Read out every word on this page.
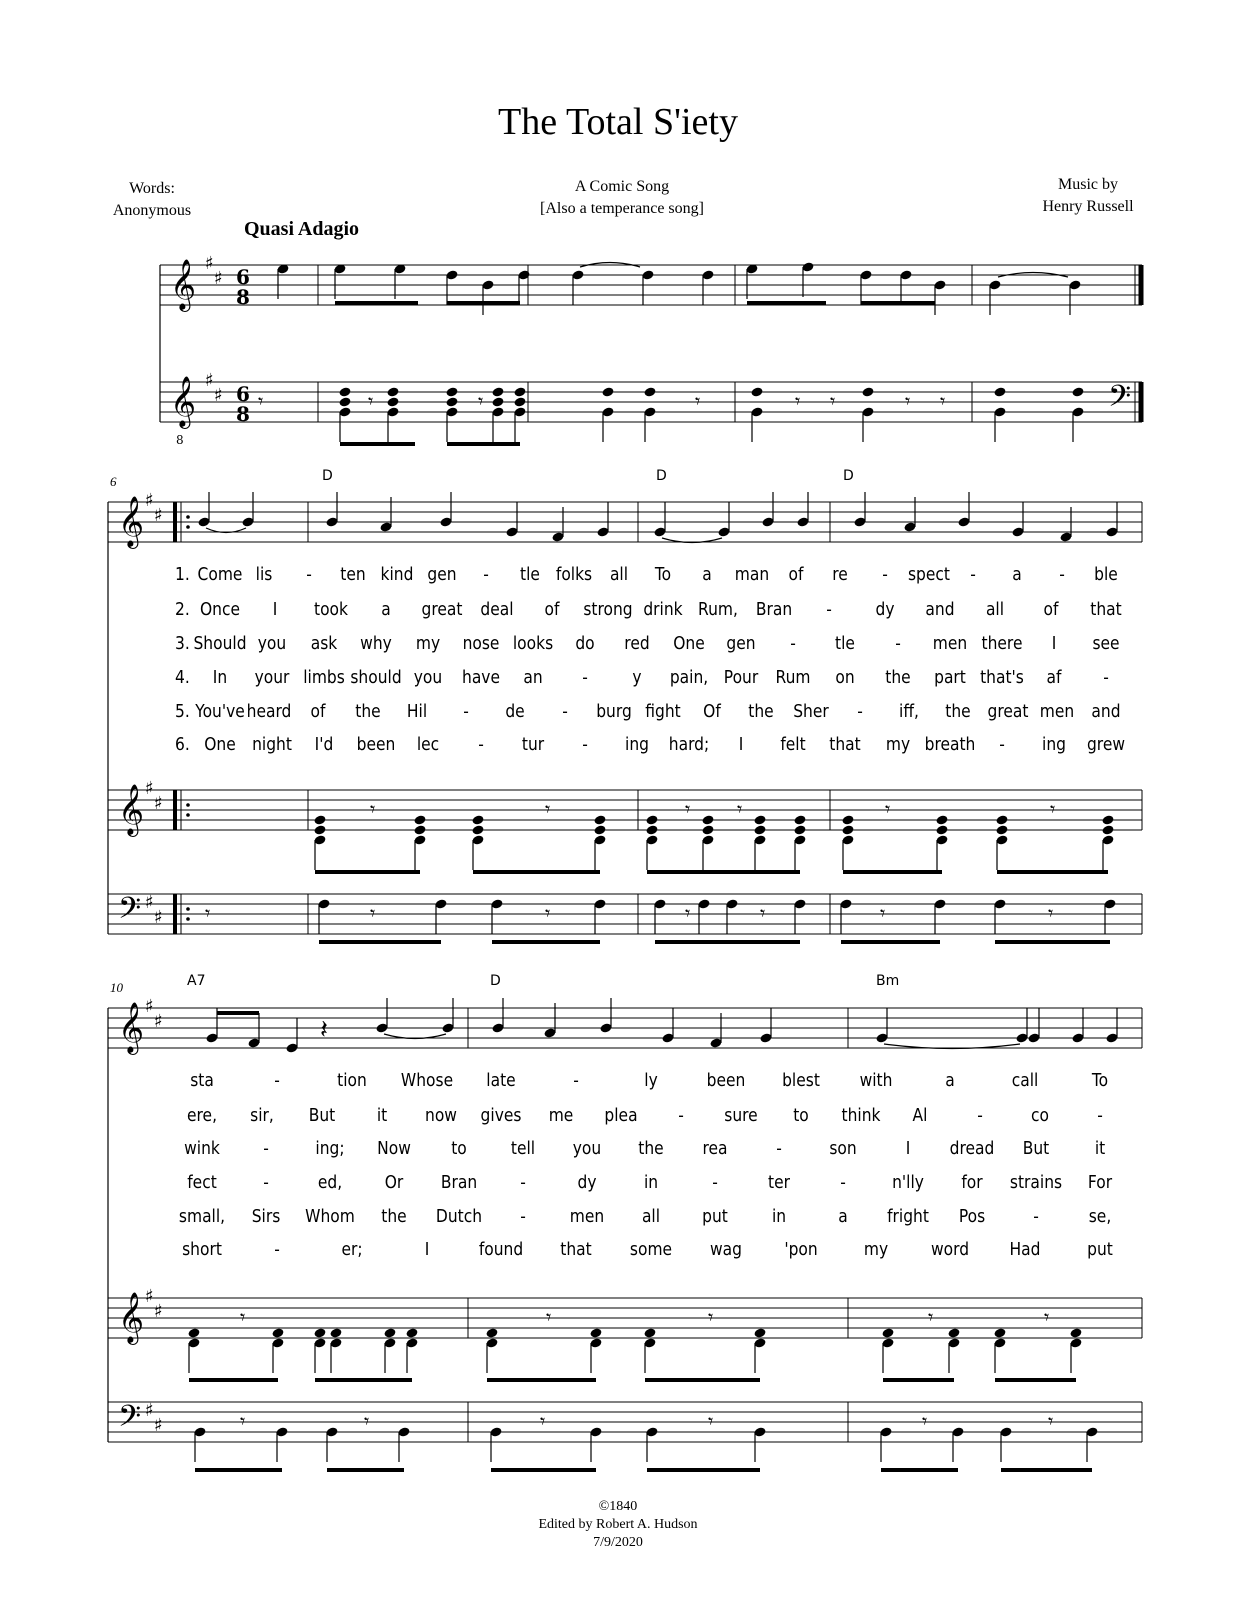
The Total S'iety
Words:
Anonymous
A Comic Song
[Also a temperance song]
Music by
Henry Russell
Quasi Adagio
6
10
©1840
Edited by Robert A. Hudson
7/9/2020
D	D	D
A7	D	Bm
1.
2.
3.
4.
5.
6.
Come lis - ten kind gen - tle folks all To a man of re - spect - a - ble
Once I took a great deal of strong drink Rum, Bran - dy and all of that
Should you ask why my nose looks do red One gen - tle - men there I see
In your limbs should you have an - y pain, Pour Rum on the part that's af -
You've heard of the Hil - de - burg fight Of the Sher - iff, the great men and
One night I'd been lec - tur - ing hard; I felt that my breath - ing grew
sta	-	tion Whose late	-	ly	been blest with	a	call	To
ere, sir, But it now gives me plea - sure to think Al	-	co	-
wink -	ing; Now to tell you the rea	-	son	I dread But	it
fect	-	ed, Or Bran -	dy	in	-	ter	-	n'lly for strains For
small, Sirs Whom the Dutch - men all put in	a fright Pos	-	se,
short	-	er;	I	found that some wag 'pon	my word Had	put
𝄞 ♯
♯ 6
8
𝄞 ♯
♯ 6
8
8
𝄾	𝄾	𝄾	𝄾	𝄾 𝄾	𝄾 𝄾	𝄢
𝄞 ♯
♯
𝄞 ♯
♯
𝄢 ♯
♯
𝄾	𝄾	𝄾 𝄾	𝄾	𝄾
𝄾	𝄾	𝄾	𝄾	𝄾	𝄾	𝄾
𝄞 ♯
♯
𝄞 ♯
♯
𝄢 ♯
♯
𝄽
𝄾	𝄾	𝄾	𝄾	𝄾
𝄾	𝄾	𝄾	𝄾	𝄾	𝄾
